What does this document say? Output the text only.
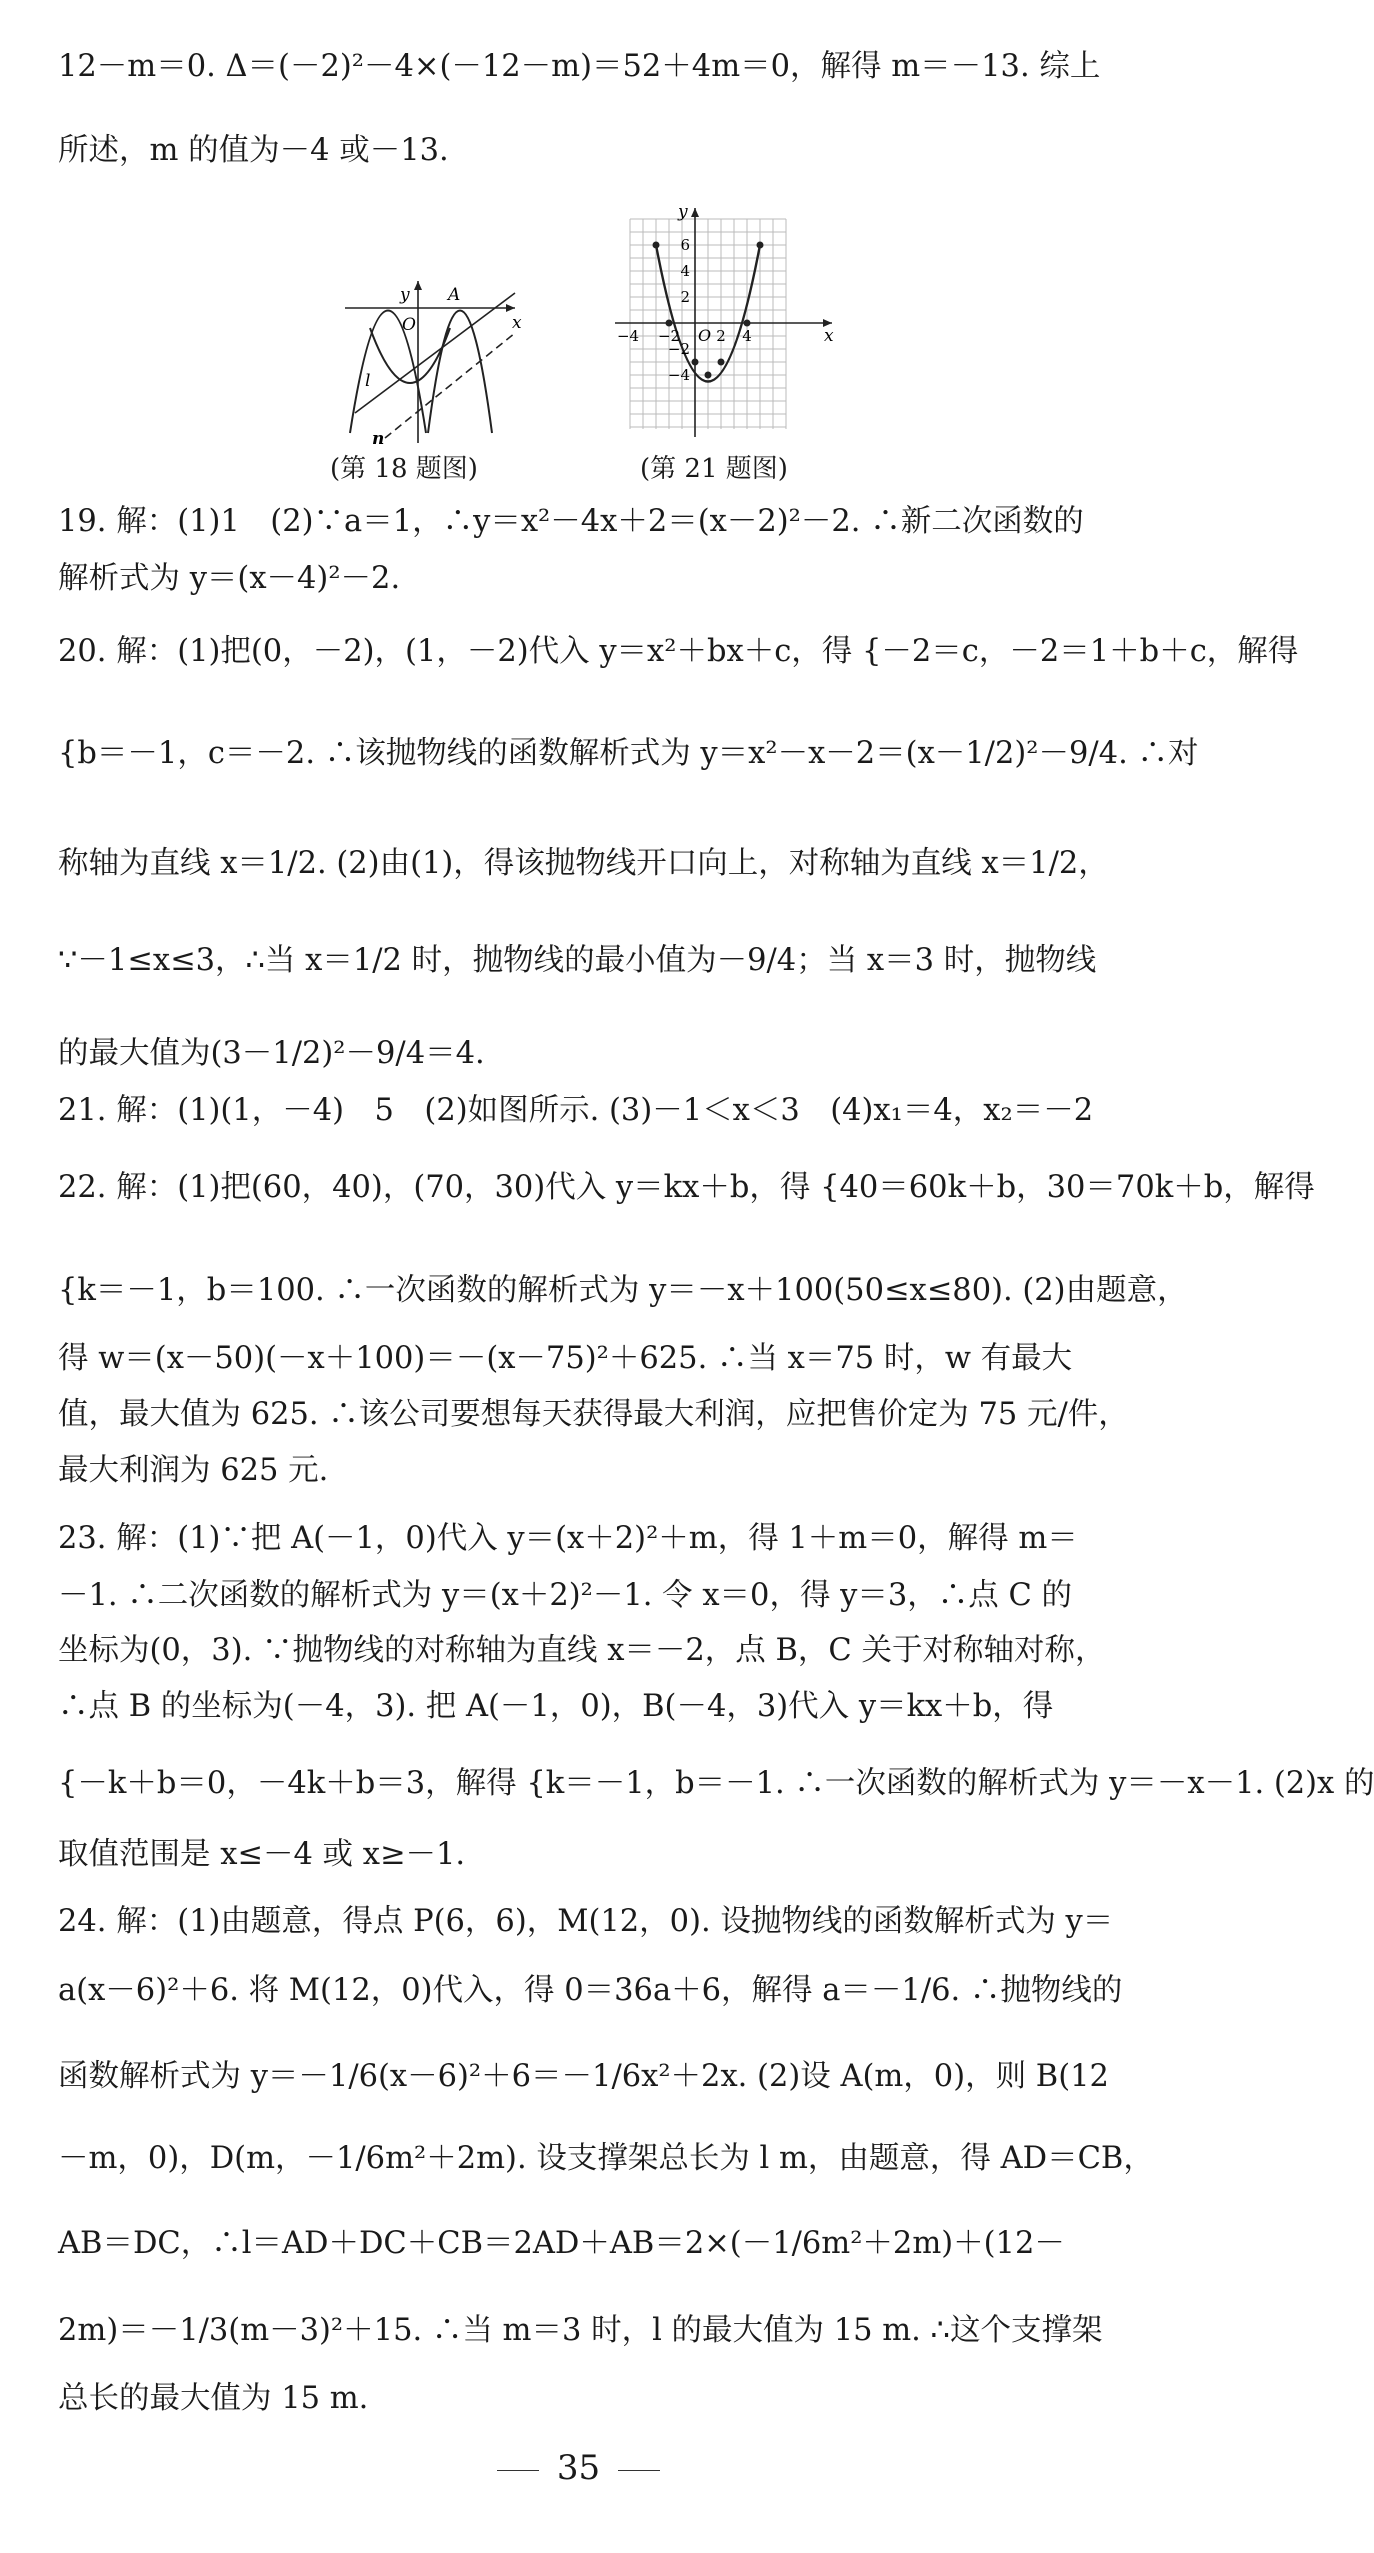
12－m＝0. Δ＝(－2)²－4×(－12－m)＝52＋4m＝0，解得 m＝－13. 综上
所述，m 的值为－4 或－13.
y
x
O
A
l
n
(第 18 题图)
y
x
O
−4 −2 2 4
6
4
2
−2
−4
(第 21 题图)
19. 解：(1)1　(2)∵a＝1，∴y＝x²－4x＋2＝(x－2)²－2. ∴新二次函数的
解析式为 y＝(x－4)²－2.
20. 解：(1)把(0，－2)，(1，－2)代入 y＝x²＋bx＋c，得 {－2＝c，－2＝1＋b＋c，解得
{b＝－1，c＝－2. ∴该抛物线的函数解析式为 y＝x²－x－2＝(x－1/2)²－9/4. ∴对
称轴为直线 x＝1/2. (2)由(1)，得该抛物线开口向上，对称轴为直线 x＝1/2，
∵－1≤x≤3，∴当 x＝1/2 时，抛物线的最小值为－9/4；当 x＝3 时，抛物线
的最大值为(3－1/2)²－9/4＝4.
21. 解：(1)(1，－4)　5　(2)如图所示. (3)－1＜x＜3　(4)x₁＝4，x₂＝－2
22. 解：(1)把(60，40)，(70，30)代入 y＝kx＋b，得 {40＝60k＋b，30＝70k＋b，解得
{k＝－1，b＝100. ∴一次函数的解析式为 y＝－x＋100(50≤x≤80). (2)由题意，
得 w＝(x－50)(－x＋100)＝－(x－75)²＋625. ∴当 x＝75 时，w 有最大
值，最大值为 625. ∴该公司要想每天获得最大利润，应把售价定为 75 元/件，
最大利润为 625 元.
23. 解：(1)∵把 A(－1，0)代入 y＝(x＋2)²＋m，得 1＋m＝0，解得 m＝
－1. ∴二次函数的解析式为 y＝(x＋2)²－1. 令 x＝0，得 y＝3，∴点 C 的
坐标为(0，3). ∵抛物线的对称轴为直线 x＝－2，点 B，C 关于对称轴对称，
∴点 B 的坐标为(－4，3). 把 A(－1，0)，B(－4，3)代入 y＝kx＋b，得
{－k＋b＝0，－4k＋b＝3，解得 {k＝－1，b＝－1. ∴一次函数的解析式为 y＝－x－1. (2)x 的
取值范围是 x≤－4 或 x≥－1.
24. 解：(1)由题意，得点 P(6，6)，M(12，0). 设抛物线的函数解析式为 y＝
a(x－6)²＋6. 将 M(12，0)代入，得 0＝36a＋6，解得 a＝－1/6. ∴抛物线的
函数解析式为 y＝－1/6(x－6)²＋6＝－1/6x²＋2x. (2)设 A(m，0)，则 B(12
－m，0)，D(m，－1/6m²＋2m). 设支撑架总长为 l m，由题意，得 AD＝CB，
AB＝DC，∴l＝AD＋DC＋CB＝2AD＋AB＝2×(－1/6m²＋2m)＋(12－
2m)＝－1/3(m－3)²＋15. ∴当 m＝3 时，l 的最大值为 15 m. ∴这个支撑架
总长的最大值为 15 m.
35
